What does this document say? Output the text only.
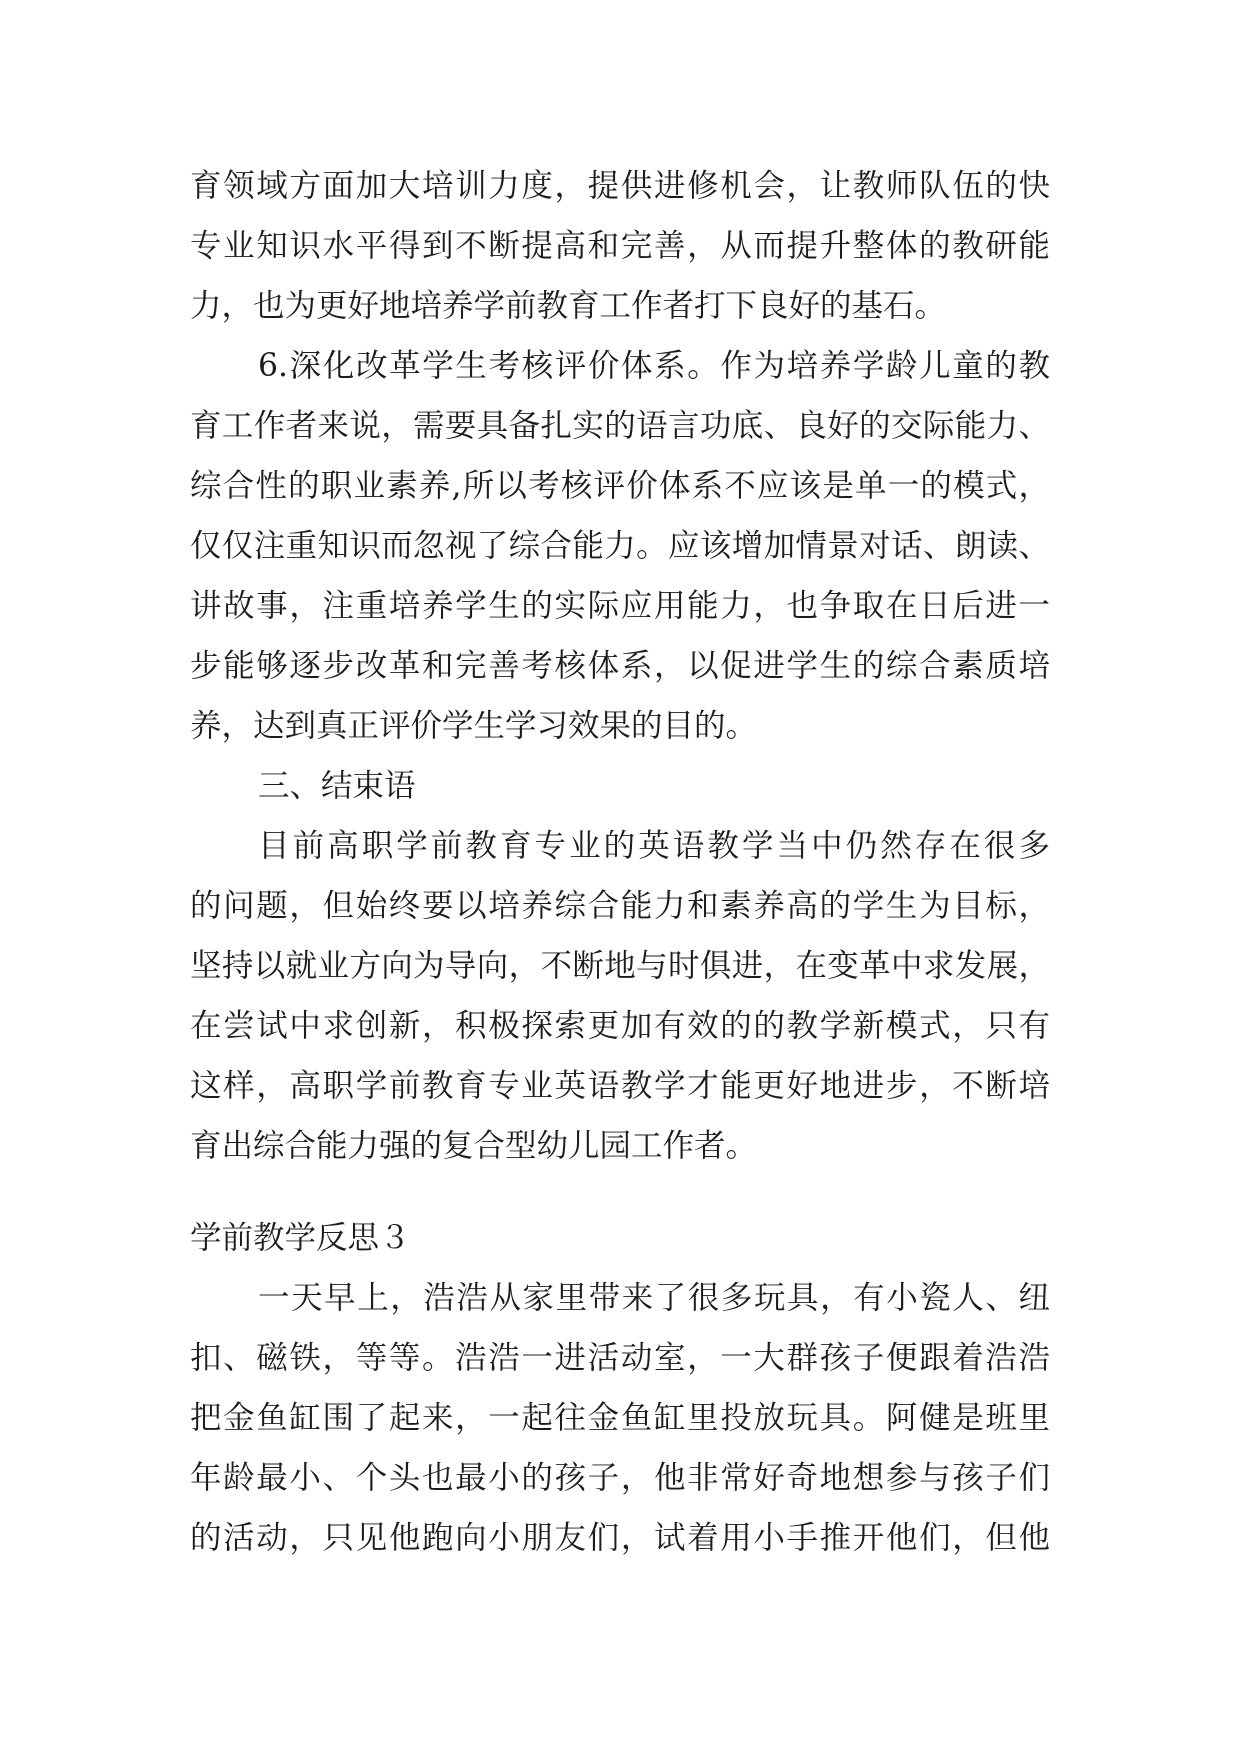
育领域方面加大培训力度，提供进修机会，让教师队伍的快

专业知识水平得到不断提高和完善，从而提升整体的教研能

力，也为更好地培养学前教育工作者打下良好的基石。

6.深化改革学生考核评价体系。作为培养学龄儿童的教

育工作者来说，需要具备扎实的语言功底、良好的交际能力、

综合性的职业素养,所以考核评价体系不应该是单一的模式，

仅仅注重知识而忽视了综合能力。应该增加情景对话、朗读、

讲故事，注重培养学生的实际应用能力，也争取在日后进一

步能够逐步改革和完善考核体系，以促进学生的综合素质培

养，达到真正评价学生学习效果的目的。

三、结束语

目前高职学前教育专业的英语教学当中仍然存在很多

的问题，但始终要以培养综合能力和素养高的学生为目标，

坚持以就业方向为导向，不断地与时俱进，在变革中求发展，

在尝试中求创新，积极探索更加有效的的教学新模式，只有

这样，高职学前教育专业英语教学才能更好地进步，不断培

育出综合能力强的复合型幼儿园工作者。

学前教学反思３

一天早上，浩浩从家里带来了很多玩具，有小瓷人、纽

扣、磁铁，等等。浩浩一进活动室，一大群孩子便跟着浩浩

把金鱼缸围了起来，一起往金鱼缸里投放玩具。阿健是班里

年龄最小、个头也最小的孩子，他非常好奇地想参与孩子们

的活动，只见他跑向小朋友们，试着用小手推开他们，但他
